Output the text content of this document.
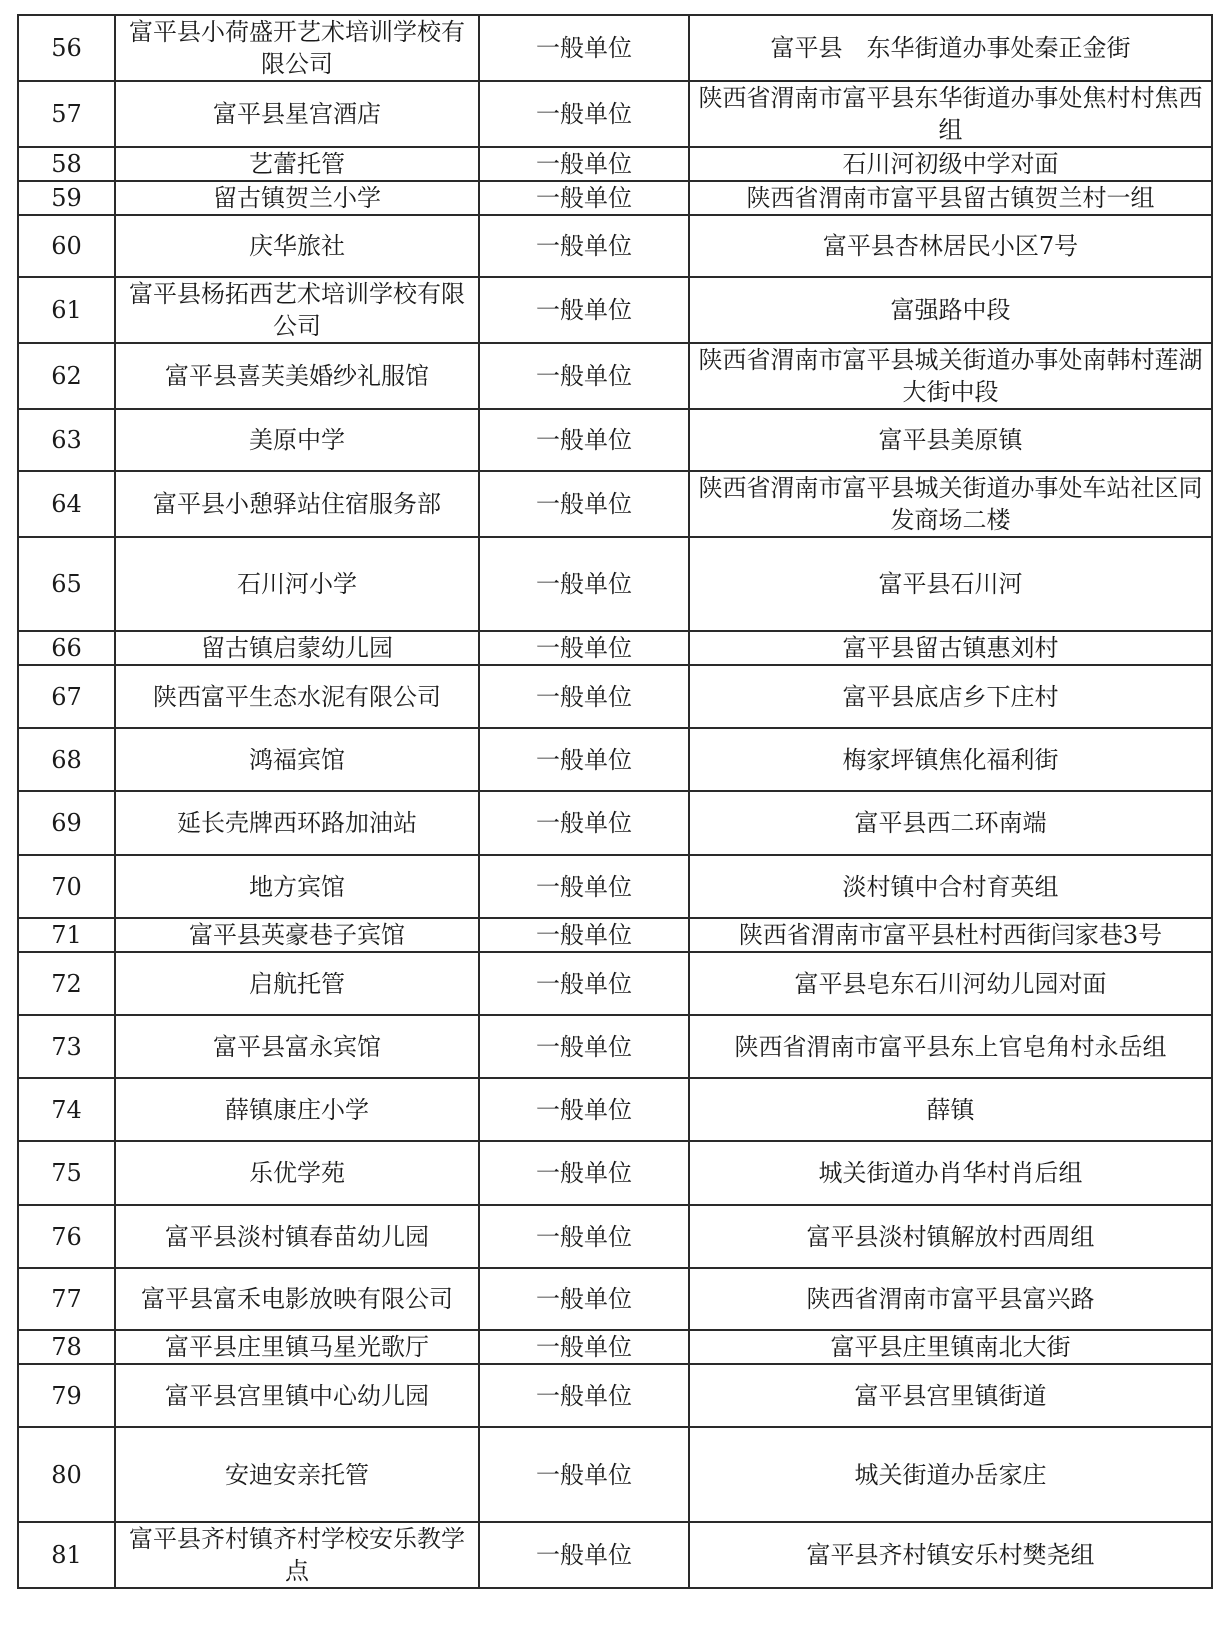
56	富平县小荷盛开艺术培训学校有限公司	一般单位	富平县　东华街道办事处秦正金街
57	富平县星宫酒店	一般单位	陕西省渭南市富平县东华街道办事处焦村村焦西组
58	艺蕾托管	一般单位	石川河初级中学对面
59	留古镇贺兰小学	一般单位	陕西省渭南市富平县留古镇贺兰村一组
60	庆华旅社	一般单位	富平县杏林居民小区7号
61	富平县杨拓西艺术培训学校有限公司	一般单位	富强路中段
62	富平县喜芙美婚纱礼服馆	一般单位	陕西省渭南市富平县城关街道办事处南韩村莲湖大街中段
63	美原中学	一般单位	富平县美原镇
64	富平县小憩驿站住宿服务部	一般单位	陕西省渭南市富平县城关街道办事处车站社区同发商场二楼
65	石川河小学	一般单位	富平县石川河
66	留古镇启蒙幼儿园	一般单位	富平县留古镇惠刘村
67	陕西富平生态水泥有限公司	一般单位	富平县底店乡下庄村
68	鸿福宾馆	一般单位	梅家坪镇焦化福利街
69	延长壳牌西环路加油站	一般单位	富平县西二环南端
70	地方宾馆	一般单位	淡村镇中合村育英组
71	富平县英豪巷子宾馆	一般单位	陕西省渭南市富平县杜村西街闫家巷3号
72	启航托管	一般单位	富平县皂东石川河幼儿园对面
73	富平县富永宾馆	一般单位	陕西省渭南市富平县东上官皂角村永岳组
74	薛镇康庄小学	一般单位	薛镇
75	乐优学苑	一般单位	城关街道办肖华村肖后组
76	富平县淡村镇春苗幼儿园	一般单位	富平县淡村镇解放村西周组
77	富平县富禾电影放映有限公司	一般单位	陕西省渭南市富平县富兴路
78	富平县庄里镇马星光歌厅	一般单位	富平县庄里镇南北大街
79	富平县宫里镇中心幼儿园	一般单位	富平县宫里镇街道
80	安迪安亲托管	一般单位	城关街道办岳家庄
81	富平县齐村镇齐村学校安乐教学点	一般单位	富平县齐村镇安乐村樊尧组
